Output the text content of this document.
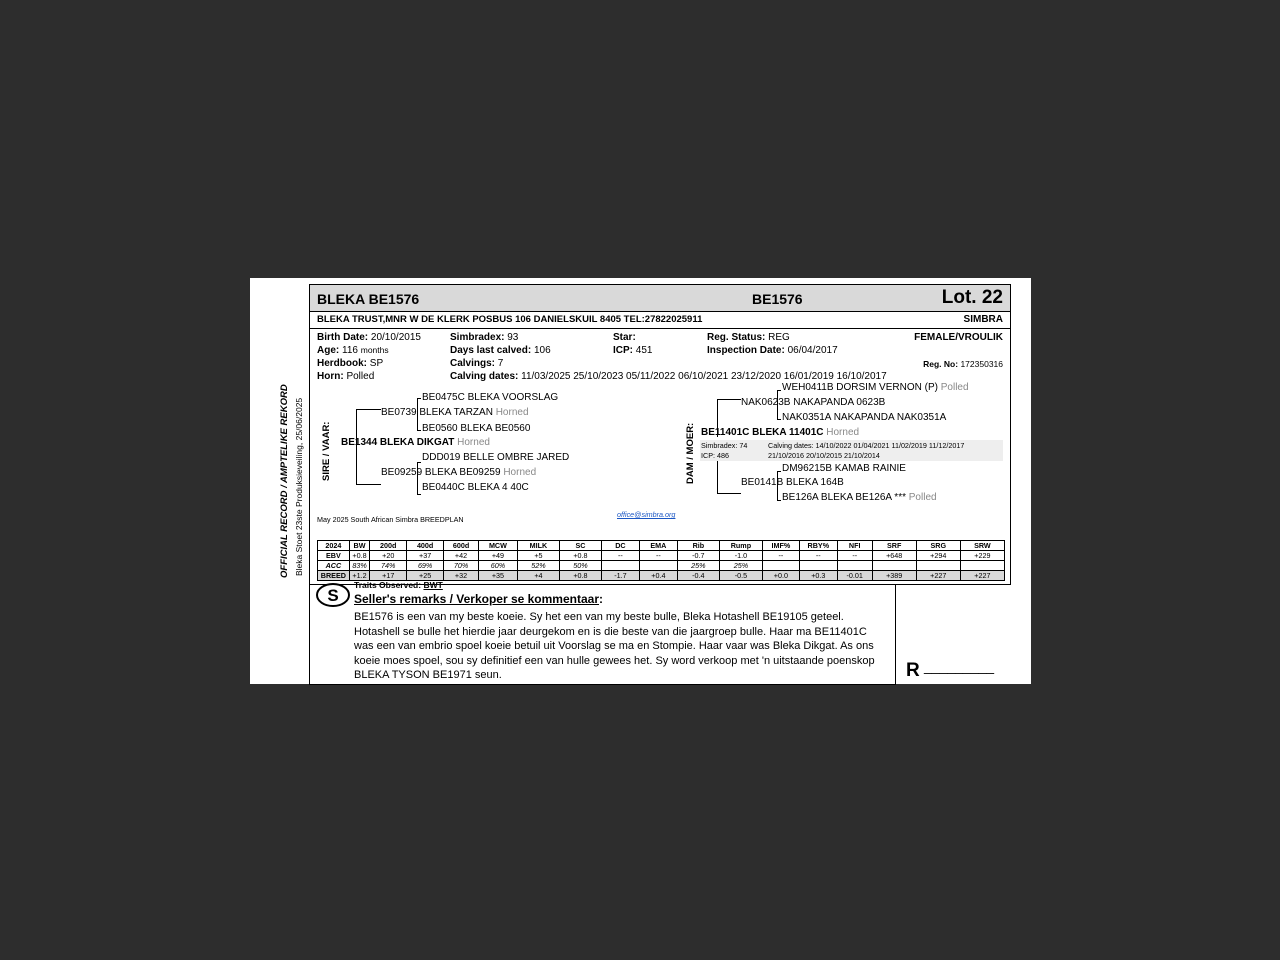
OFFICIAL RECORD / AMPTELIKE REKORD Bleka Stoet 23ste Produksieveiling, 25/06/2025
BLEKA BE1576	BE1576	Lot. 22
BLEKA TRUST,MNR W DE KLERK POSBUS 106 DANIELSKUIL 8405 TEL:27822025911	SIMBRA
Birth Date: 20/10/2015
Age: 116 months
Herdbook: SP
Horn: Polled
Simbradex: 93
Days last calved: 106
Calvings: 7
Calving dates: 11/03/2025 25/10/2023 05/11/2022 06/10/2021 23/12/2020 16/01/2019 16/10/2017
Star:
ICP: 451
Reg. Status: REG
Inspection Date: 06/04/2017
FEMALE/VROULIK
Reg. No: 172350316
SIRE / VAAR:
BE0475C BLEKA VOORSLAG
BE0739 BLEKA TARZAN Horned
BE0560 BLEKA BE0560
BE1344 BLEKA DIKGAT Horned
DDD019 BELLE OMBRE JARED
BE09259 BLEKA BE09259 Horned
BE0440C BLEKA 4 40C
DAM / MOER:
WEH0411B DORSIM VERNON (P) Polled
NAK0623B NAKAPANDA 0623B
NAK0351A NAKAPANDA NAK0351A
BE11401C BLEKA 11401C Horned
Simbradex: 74
ICP: 486
Calving dates: 14/10/2022 01/04/2021 11/02/2019 11/12/2017
21/10/2016 20/10/2015 21/10/2014
DM96215B KAMAB RAINIE
BE0141B BLEKA 164B
BE126A BLEKA BE126A *** Polled
May 2025 South African Simbra BREEDPLAN
office@simbra.org
2024	BW	200d	400d	600d	MCW	MILK	SC	DC	EMA	Rib	Rump	IMF%	RBY%	NFI	SRF	SRG	SRW
EBV	+0.8	+20	+37	+42	+49	+5	+0.8	--	--	-0.7	-1.0	--	--	--	+648	+294	+229
ACC	83%	74%	69%	70%	60%	52%	50%			25%	25%						
BREED	+1.2	+17	+25	+32	+35	+4	+0.8	-1.7	+0.4	-0.4	-0.5	+0.0	+0.3	-0.01	+389	+227	+227
S
Traits Observed: BWT
Seller's remarks / Verkoper se kommentaar:
BE1576 is een van my beste koeie. Sy het een van my beste bulle, Bleka Hotashell BE19105 geteel. Hotashell se bulle het hierdie jaar deurgekom en is die beste van die jaargroep bulle. Haar ma BE11401C was een van embrio spoel koeie betuil uit Voorslag se ma en Stompie. Haar vaar was Bleka Dikgat. As ons koeie moes spoel, sou sy definitief een van hulle gewees het. Sy word verkoop met 'n uitstaande poenskop BLEKA TYSON BE1971 seun.	R _________
